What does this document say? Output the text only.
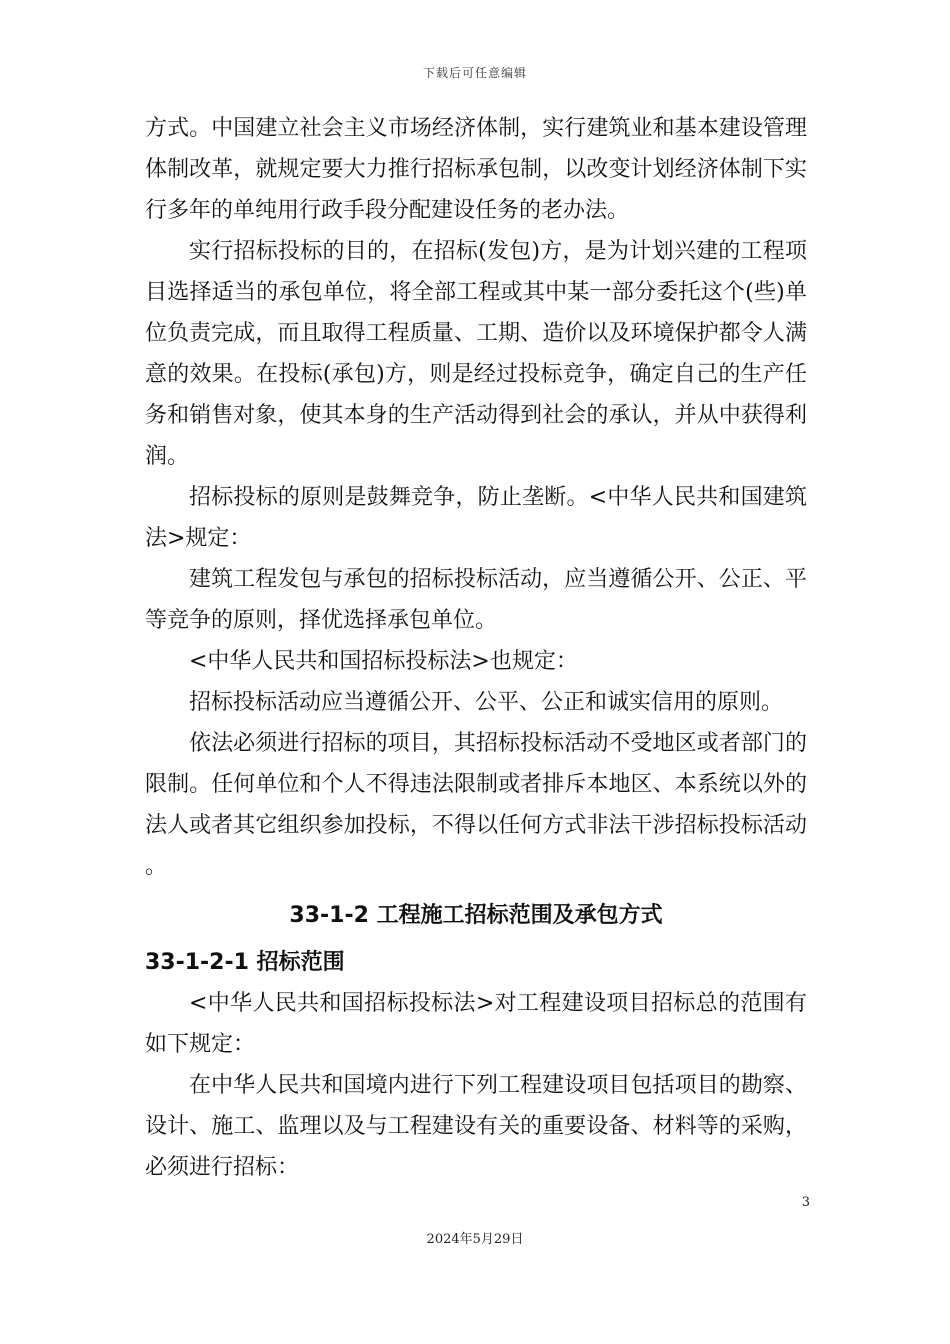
下载后可任意编辑

方式。中国建立社会主义市场经济体制，实行建筑业和基本建设管理体制改革，就规定要大力推行招标承包制，以改变计划经济体制下实行多年的单纯用行政手段分配建设任务的老办法。

实行招标投标的目的，在招标(发包)方，是为计划兴建的工程项目选择适当的承包单位，将全部工程或其中某一部分委托这个(些)单位负责完成，而且取得工程质量、工期、造价以及环境保护都令人满意的效果。在投标(承包)方，则是经过投标竞争，确定自己的生产任务和销售对象，使其本身的生产活动得到社会的承认，并从中获得利润。

招标投标的原则是鼓舞竞争，防止垄断。<中华人民共和国建筑法>规定：

建筑工程发包与承包的招标投标活动，应当遵循公开、公正、平等竞争的原则，择优选择承包单位。

<中华人民共和国招标投标法>也规定：

招标投标活动应当遵循公开、公平、公正和诚实信用的原则。

依法必须进行招标的项目，其招标投标活动不受地区或者部门的限制。任何单位和个人不得违法限制或者排斥本地区、本系统以外的法人或者其它组织参加投标，不得以任何方式非法干涉招标投标活动。

33-1-2 工程施工招标范围及承包方式
33-1-2-1 招标范围

<中华人民共和国招标投标法>对工程建设项目招标总的范围有如下规定：

在中华人民共和国境内进行下列工程建设项目包括项目的勘察、设计、施工、监理以及与工程建设有关的重要设备、材料等的采购，必须进行招标：

3
2024年5月29日
